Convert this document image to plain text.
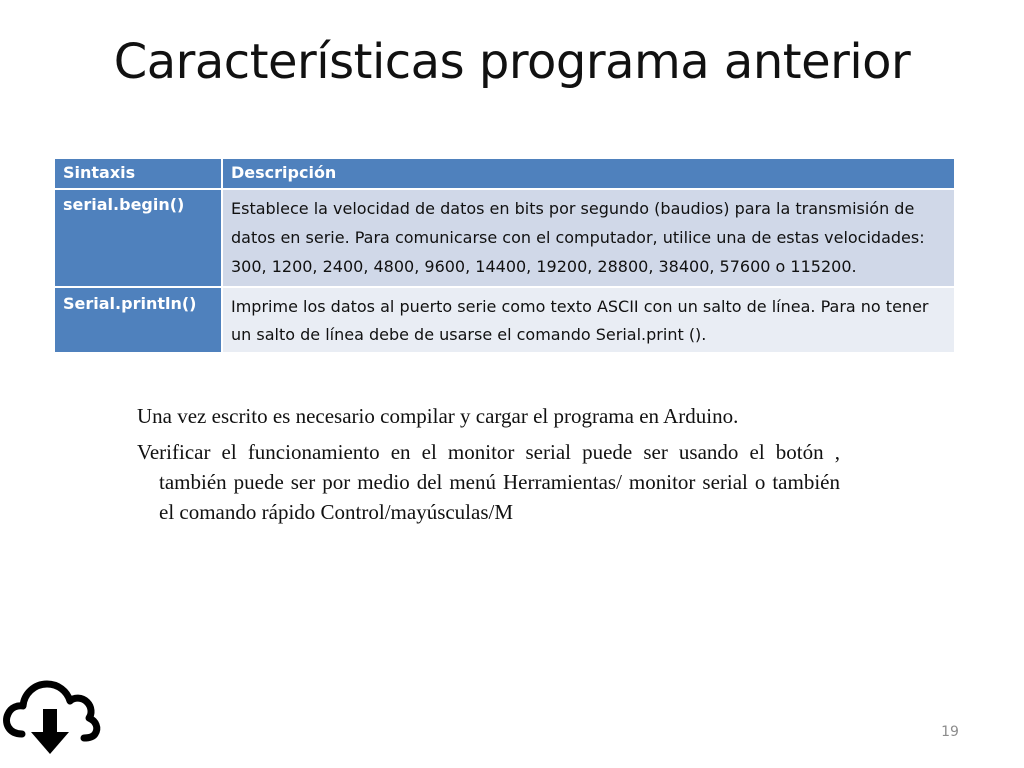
Características programa anterior
Sintaxis	Descripción
serial.begin()	Establece la velocidad de datos en bits por segundo (baudios) para la transmisión de datos en serie. Para comunicarse con el computador, utilice una de estas velocidades: 300, 1200, 2400, 4800, 9600, 14400, 19200, 28800, 38400, 57600 o 115200.
Serial.println()	Imprime los datos al puerto serie como texto ASCII con un salto de línea. Para no tener un salto de línea debe de usarse el comando Serial.print ().

Una vez escrito es necesario compilar y cargar el programa en Arduino.

Verificar el funcionamiento en el monitor serial puede ser usando el botón , también puede ser por medio del menú Herramientas/ monitor serial o también el comando rápido Control/mayúsculas/M

19
